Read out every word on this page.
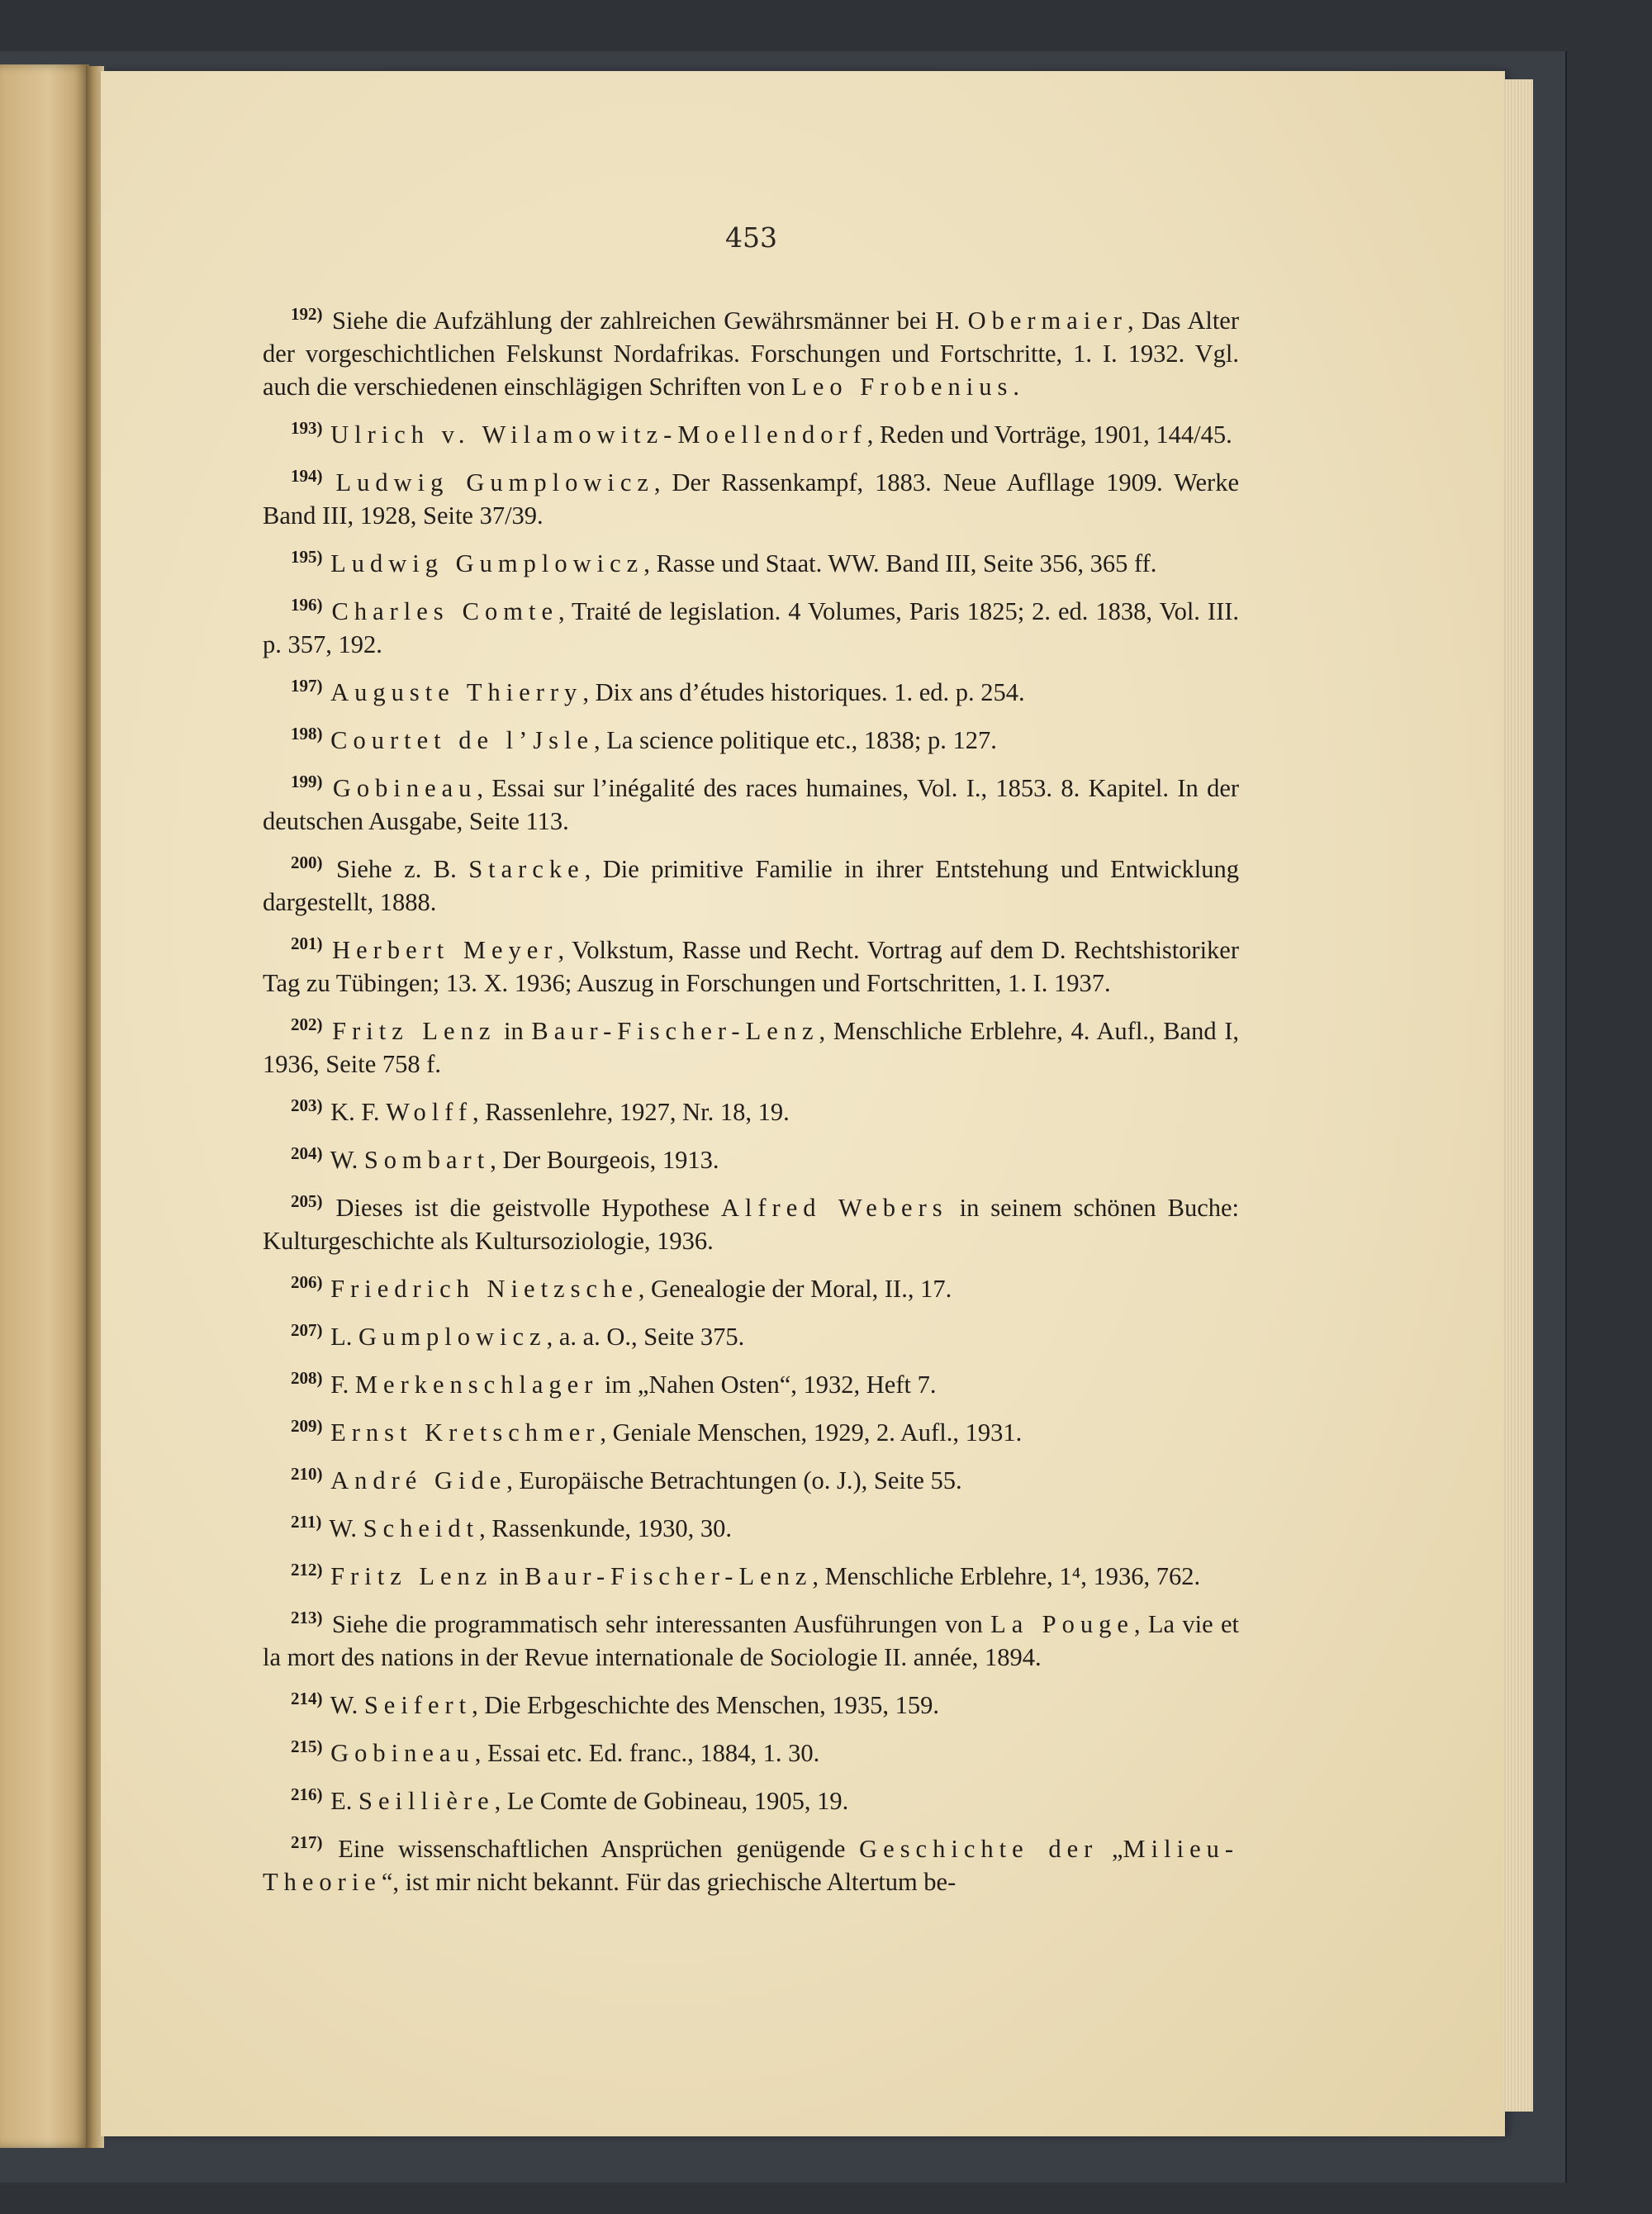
453

$^{192)}$ Siehe die Aufzählung der zahlreichen Gewährsmänner bei H. Obermaier, Das Alter der vorgeschichtlichen Felskunst Nordafrikas. Forschungen und Fortschritte, 1. I. 1932. Vgl. auch die verschiedenen einschlägigen Schriften von Leo Frobenius.

$^{193)}$ Ulrich v. Wilamowitz-Moellendorf, Reden und Vorträge, 1901, 144/45.

$^{194)}$ Ludwig Gumplowicz, Der Rassenkampf, 1883. Neue Aufllage 1909. Werke Band III, 1928, Seite 37/39.

$^{195)}$ Ludwig Gumplowicz, Rasse und Staat. WW. Band III, Seite 356, 365 ff.

$^{196)}$ Charles Comte, Traité de legislation. 4 Volumes, Paris 1825; 2. ed. 1838, Vol. III. p. 357, 192.

$^{197)}$ Auguste Thierry, Dix ans d’études historiques. 1. ed. p. 254.

$^{198)}$ Courtet de l’Jsle, La science politique etc., 1838; p. 127.

$^{199)}$ Gobineau, Essai sur l’inégalité des races humaines, Vol. I., 1853. 8. Kapitel. In der deutschen Ausgabe, Seite 113.

$^{200)}$ Siehe z. B. Starcke, Die primitive Familie in ihrer Entstehung und Entwicklung dargestellt, 1888.

$^{201)}$ Herbert Meyer, Volkstum, Rasse und Recht. Vortrag auf dem D. Rechtshistoriker Tag zu Tübingen; 13. X. 1936; Auszug in Forschungen und Fortschritten, 1. I. 1937.

$^{202)}$ Fritz Lenz in Baur-Fischer-Lenz, Menschliche Erblehre, 4. Aufl., Band I, 1936, Seite 758 f.

$^{203)}$ K. F. Wolff, Rassenlehre, 1927, Nr. 18, 19.

$^{204)}$ W. Sombart, Der Bourgeois, 1913.

$^{205)}$ Dieses ist die geistvolle Hypothese Alfred Webers in seinem schönen Buche: Kulturgeschichte als Kultursoziologie, 1936.

$^{206)}$ Friedrich Nietzsche, Genealogie der Moral, II., 17.

$^{207)}$ L. Gumplowicz, a. a. O., Seite 375.

$^{208)}$ F. Merkenschlager im „Nahen Osten“, 1932, Heft 7.

$^{209)}$ Ernst Kretschmer, Geniale Menschen, 1929, 2. Aufl., 1931.

$^{210)}$ André Gide, Europäische Betrachtungen (o. J.), Seite 55.

$^{211)}$ W. Scheidt, Rassenkunde, 1930, 30.

$^{212)}$ Fritz Lenz in Baur-Fischer-Lenz, Menschliche Erblehre, 1⁴, 1936, 762.

$^{213)}$ Siehe die programmatisch sehr interessanten Ausführungen von La Pouge, La vie et la mort des nations in der Revue internationale de Sociologie II. année, 1894.

$^{214)}$ W. Seifert, Die Erbgeschichte des Menschen, 1935, 159.

$^{215)}$ Gobineau, Essai etc. Ed. franc., 1884, 1. 30.

$^{216)}$ E. Seillière, Le Comte de Gobineau, 1905, 19.

$^{217)}$ Eine wissenschaftlichen Ansprüchen genügende Geschichte der „Milieu-Theorie“, ist mir nicht bekannt. Für das griechische Altertum be-
